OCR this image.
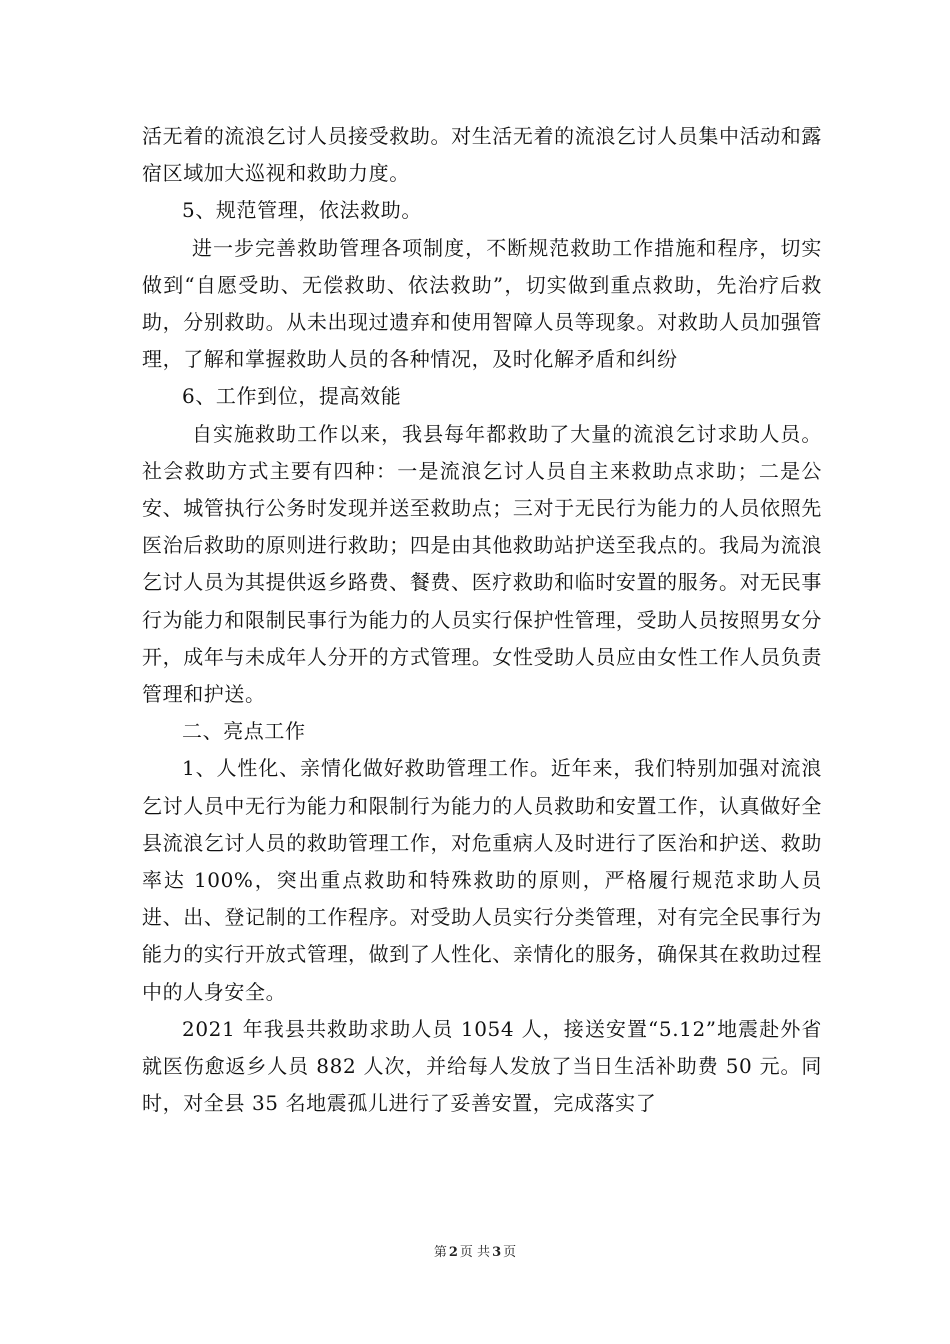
活无着的流浪乞讨人员接受救助。对生活无着的流浪乞讨人员集中活动和露宿区域加大巡视和救助力度。

5、规范管理，依法救助。

进一步完善救助管理各项制度，不断规范救助工作措施和程序，切实做到“自愿受助、无偿救助、依法救助”，切实做到重点救助，先治疗后救助，分别救助。从未出现过遗弃和使用智障人员等现象。对救助人员加强管理，了解和掌握救助人员的各种情况，及时化解矛盾和纠纷

6、工作到位，提高效能

自实施救助工作以来，我县每年都救助了大量的流浪乞讨求助人员。社会救助方式主要有四种：一是流浪乞讨人员自主来救助点求助；二是公安、城管执行公务时发现并送至救助点；三对于无民行为能力的人员依照先医治后救助的原则进行救助；四是由其他救助站护送至我点的。我局为流浪乞讨人员为其提供返乡路费、餐费、医疗救助和临时安置的服务。对无民事行为能力和限制民事行为能力的人员实行保护性管理，受助人员按照男女分开，成年与未成年人分开的方式管理。女性受助人员应由女性工作人员负责管理和护送。

二、亮点工作

1、人性化、亲情化做好救助管理工作。近年来，我们特别加强对流浪乞讨人员中无行为能力和限制行为能力的人员救助和安置工作，认真做好全县流浪乞讨人员的救助管理工作，对危重病人及时进行了医治和护送、救助率达 100%，突出重点救助和特殊救助的原则，严格履行规范求助人员进、出、登记制的工作程序。对受助人员实行分类管理，对有完全民事行为能力的实行开放式管理，做到了人性化、亲情化的服务，确保其在救助过程中的人身安全。

2021 年我县共救助求助人员 1054 人，接送安置“5.12”地震赴外省就医伤愈返乡人员 882 人次，并给每人发放了当日生活补助费 50 元。同时，对全县 35 名地震孤儿进行了妥善安置，完成落实了

第 2 页 共 3 页
